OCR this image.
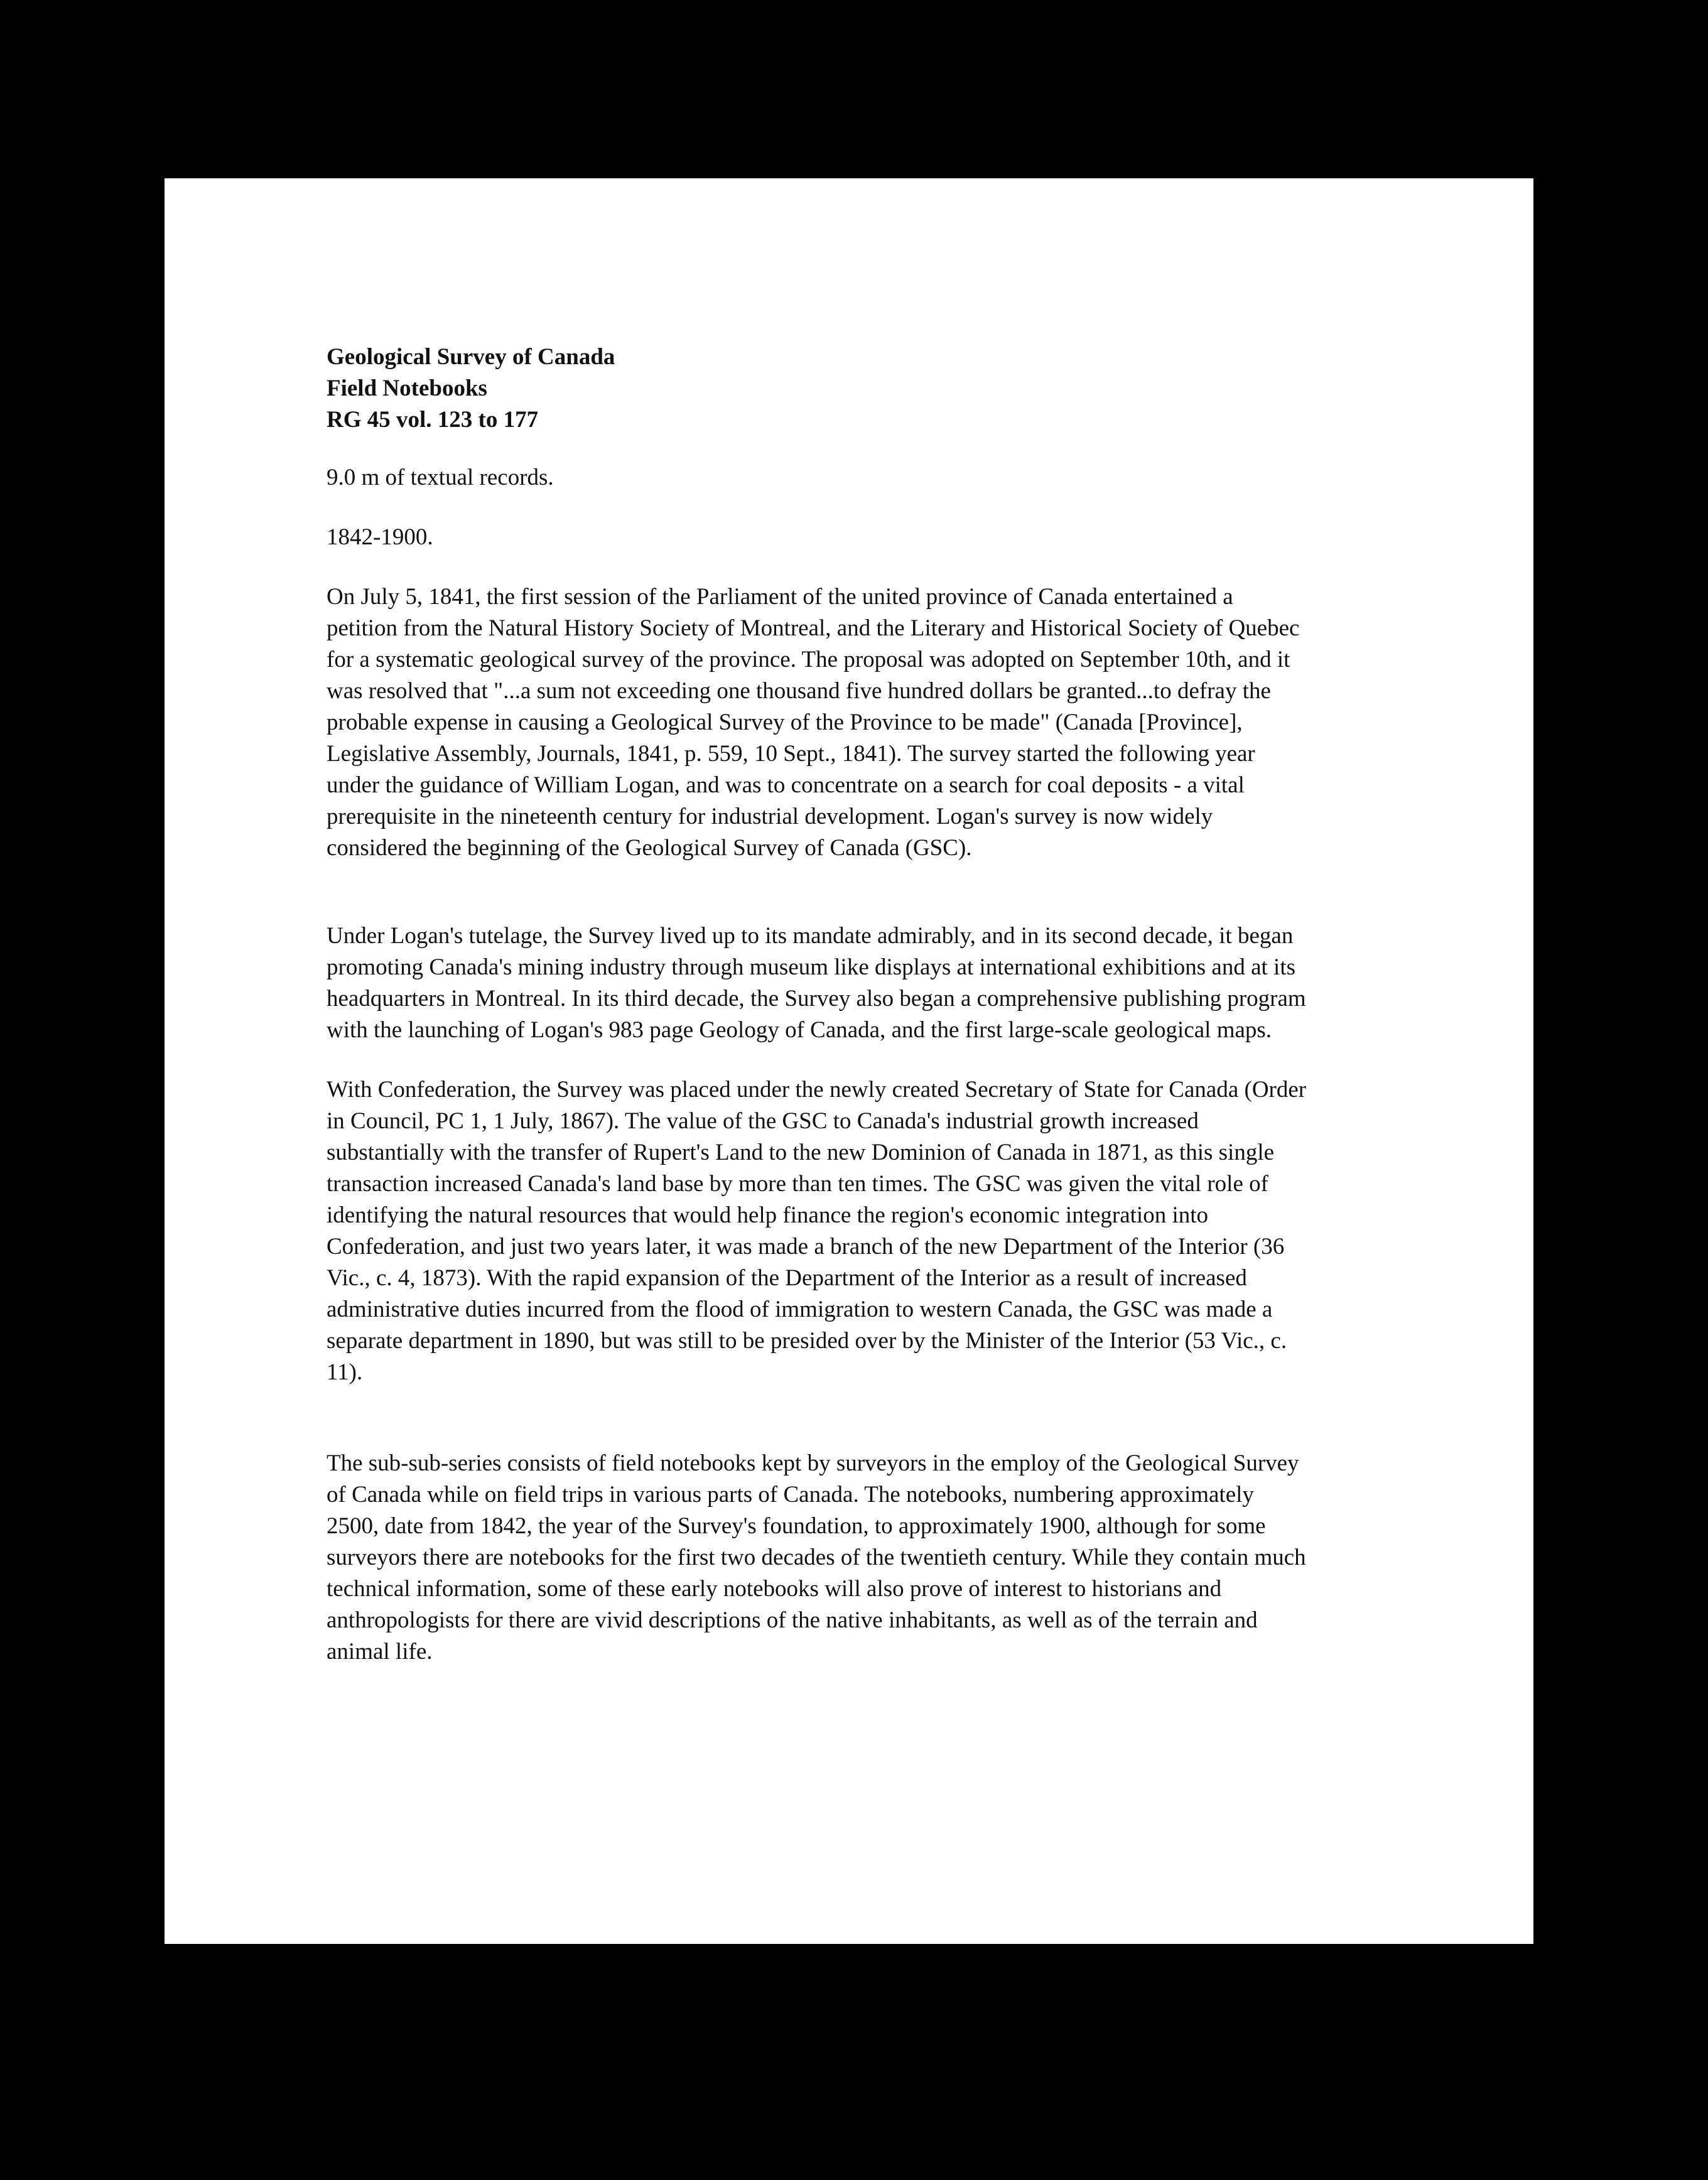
Geological Survey of Canada

Field Notebooks

RG 45 vol. 123 to 177

9.0 m of textual records.

1842-1900.

On July 5, 1841, the first session of the Parliament of the united province of Canada entertained a
petition from the Natural History Society of Montreal, and the Literary and Historical Society of Quebec
for a systematic geological survey of the province. The proposal was adopted on September 10th, and it
was resolved that "...a sum not exceeding one thousand five hundred dollars be granted...to defray the
probable expense in causing a Geological Survey of the Province to be made" (Canada [Province],
Legislative Assembly, Journals, 1841, p. 559, 10 Sept., 1841). The survey started the following year
under the guidance of William Logan, and was to concentrate on a search for coal deposits - a vital
prerequisite in the nineteenth century for industrial development. Logan's survey is now widely
considered the beginning of the Geological Survey of Canada (GSC).

Under Logan's tutelage, the Survey lived up to its mandate admirably, and in its second decade, it began
promoting Canada's mining industry through museum like displays at international exhibitions and at its
headquarters in Montreal. In its third decade, the Survey also began a comprehensive publishing program
with the launching of Logan's 983 page Geology of Canada, and the first large-scale geological maps.

With Confederation, the Survey was placed under the newly created Secretary of State for Canada (Order
in Council, PC 1, 1 July, 1867). The value of the GSC to Canada's industrial growth increased
substantially with the transfer of Rupert's Land to the new Dominion of Canada in 1871, as this single
transaction increased Canada's land base by more than ten times. The GSC was given the vital role of
identifying the natural resources that would help finance the region's economic integration into
Confederation, and just two years later, it was made a branch of the new Department of the Interior (36
Vic., c. 4, 1873). With the rapid expansion of the Department of the Interior as a result of increased
administrative duties incurred from the flood of immigration to western Canada, the GSC was made a
separate department in 1890, but was still to be presided over by the Minister of the Interior (53 Vic., c.
11).

The sub-sub-series consists of field notebooks kept by surveyors in the employ of the Geological Survey
of Canada while on field trips in various parts of Canada. The notebooks, numbering approximately
2500, date from 1842, the year of the Survey's foundation, to approximately 1900, although for some
surveyors there are notebooks for the first two decades of the twentieth century. While they contain much
technical information, some of these early notebooks will also prove of interest to historians and
anthropologists for there are vivid descriptions of the native inhabitants, as well as of the terrain and
animal life.
